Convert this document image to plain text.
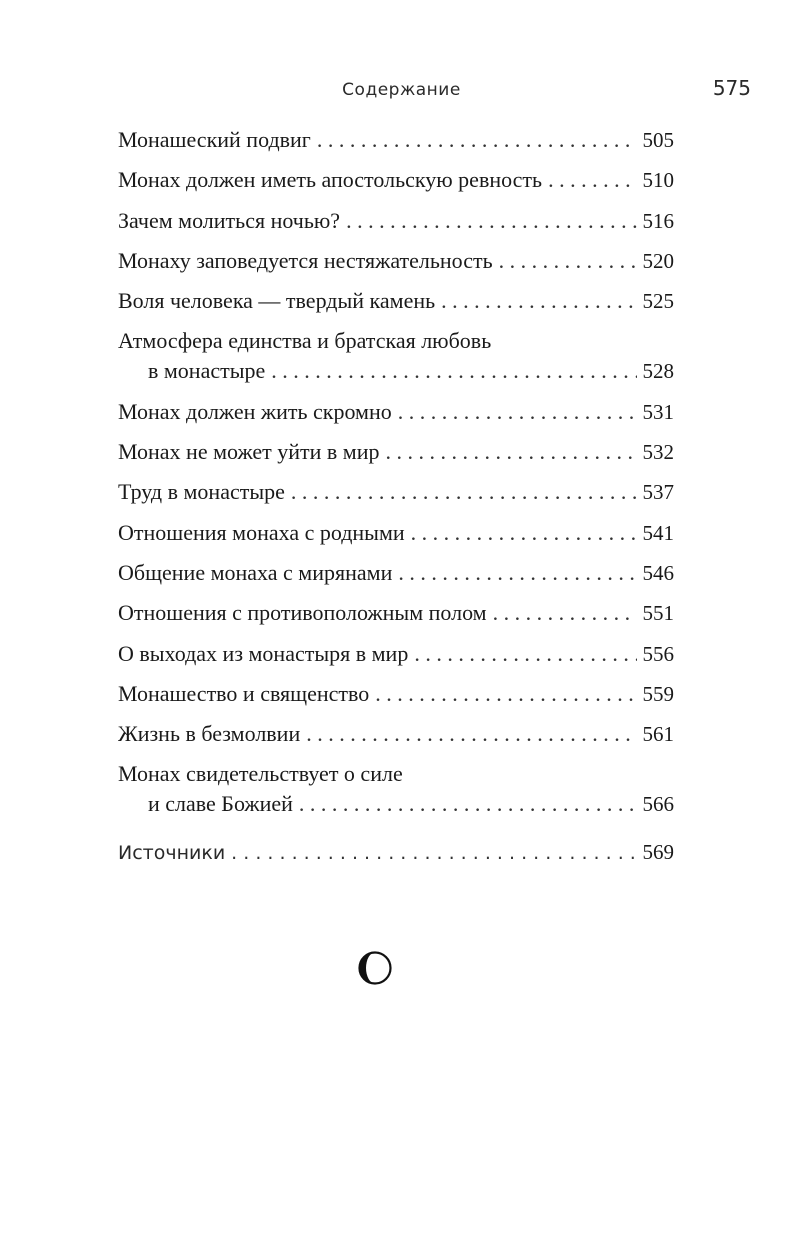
Содержание	575
Монашеский подвиг . . .	505
Монах должен иметь апостольскую ревность . . .	510
Зачем молиться ночью? . . .	516
Монаху заповедуется нестяжательность . . .	520
Воля человека — твердый камень . . .	525
Атмосфера единства и братская любовь
в монастыре . . .	528
Монах должен жить скромно . . .	531
Монах не может уйти в мир . . .	532
Труд в монастыре . . .	537
Отношения монаха с родными . . .	541
Общение монаха с мирянами . . .	546
Отношения с противоположным полом . . .	551
О выходах из монастыря в мир . . .	556
Монашество и священство . . .	559
Жизнь в безмолвии . . .	561
Монах свидетельствует о силе
и славе Божией . . .	566
Источники . . .	569
